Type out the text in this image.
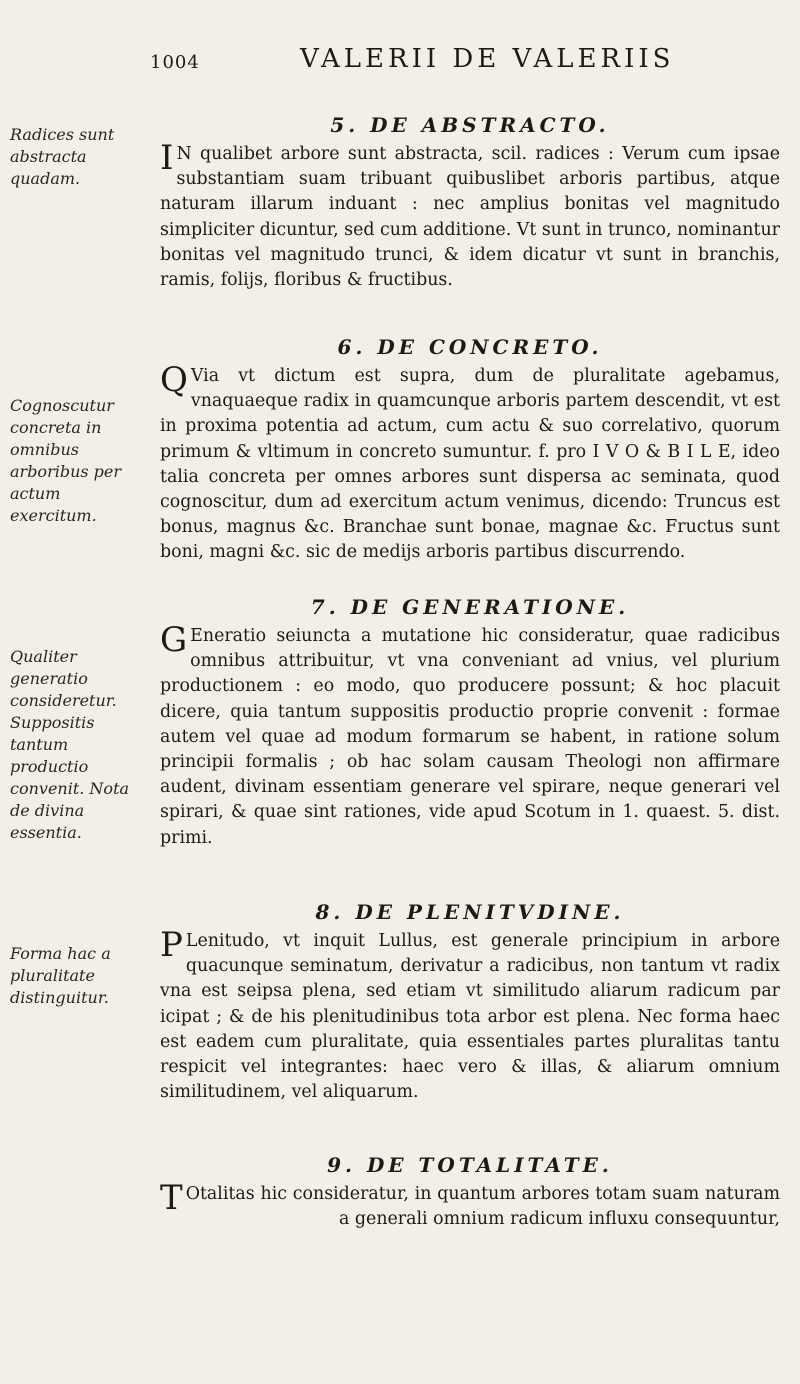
1004	VALERII DE VALERIIS
Radices sunt abstracta quadam.
Cognoscutur concreta in omnibus arboribus per actum exercitum.
Qualiter generatio consideretur. Suppositis tantum productio convenit. Nota de divina essentia.
Forma hac a pluralitate distinguitur.
5. DE ABSTRACTO.

IN qualibet arbore sunt abstracta, scil. radices : Verum cum ipsae substantiam suam tribuant quibuslibet arboris partibus, atque naturam illarum induant : nec amplius bonitas vel magnitudo simpliciter dicuntur, sed cum additione. Vt sunt in trunco, nominantur bonitas vel magnitudo trunci, & idem dicatur vt sunt in branchis, ramis, folijs, floribus & fructibus.

6. DE CONCRETO.

QVia vt dictum est supra, dum de pluralitate agebamus, vnaquaeque radix in quamcunque arboris partem descendit, vt est in proxima potentia ad actum, cum actu & suo correlativo, quorum primum & vltimum in concreto sumuntur. f. pro I V O & B I L E, ideo talia concreta per omnes arbores sunt dispersa ac seminata, quod cognoscitur, dum ad exercitum actum venimus, dicendo: Truncus est bonus, magnus &c. Branchae sunt bonae, magnae &c. Fructus sunt boni, magni &c. sic de medijs arboris partibus discurrendo.

7. DE GENERATIONE.

GEneratio seiuncta a mutatione hic consideratur, quae radicibus omnibus attribuitur, vt vna conveniant ad vnius, vel plurium productionem : eo modo, quo producere possunt; & hoc placuit dicere, quia tantum suppositis productio proprie convenit : formae autem vel quae ad modum formarum se habent, in ratione solum principii formalis ; ob hac solam causam Theologi non affirmare audent, divinam essentiam generare vel spirare, neque generari vel spirari, & quae sint rationes, vide apud Scotum in 1. quaest. 5. dist. primi.

8. DE PLENITVDINE.

PLenitudo, vt inquit Lullus, est generale principium in arbore quacunque seminatum, derivatur a radicibus, non tantum vt radix vna est seipsa plena, sed etiam vt similitudo aliarum radicum par icipat ; & de his plenitudinibus tota arbor est plena. Nec forma haec est eadem cum pluralitate, quia essentiales partes pluralitas tantu respicit vel integrantes: haec vero & illas, & aliarum omnium similitudinem, vel aliquarum.

9. DE TOTALITATE.

TOtalitas hic consideratur, in quantum arbores totam suam naturam a generali omnium radicum influxu consequuntur,
